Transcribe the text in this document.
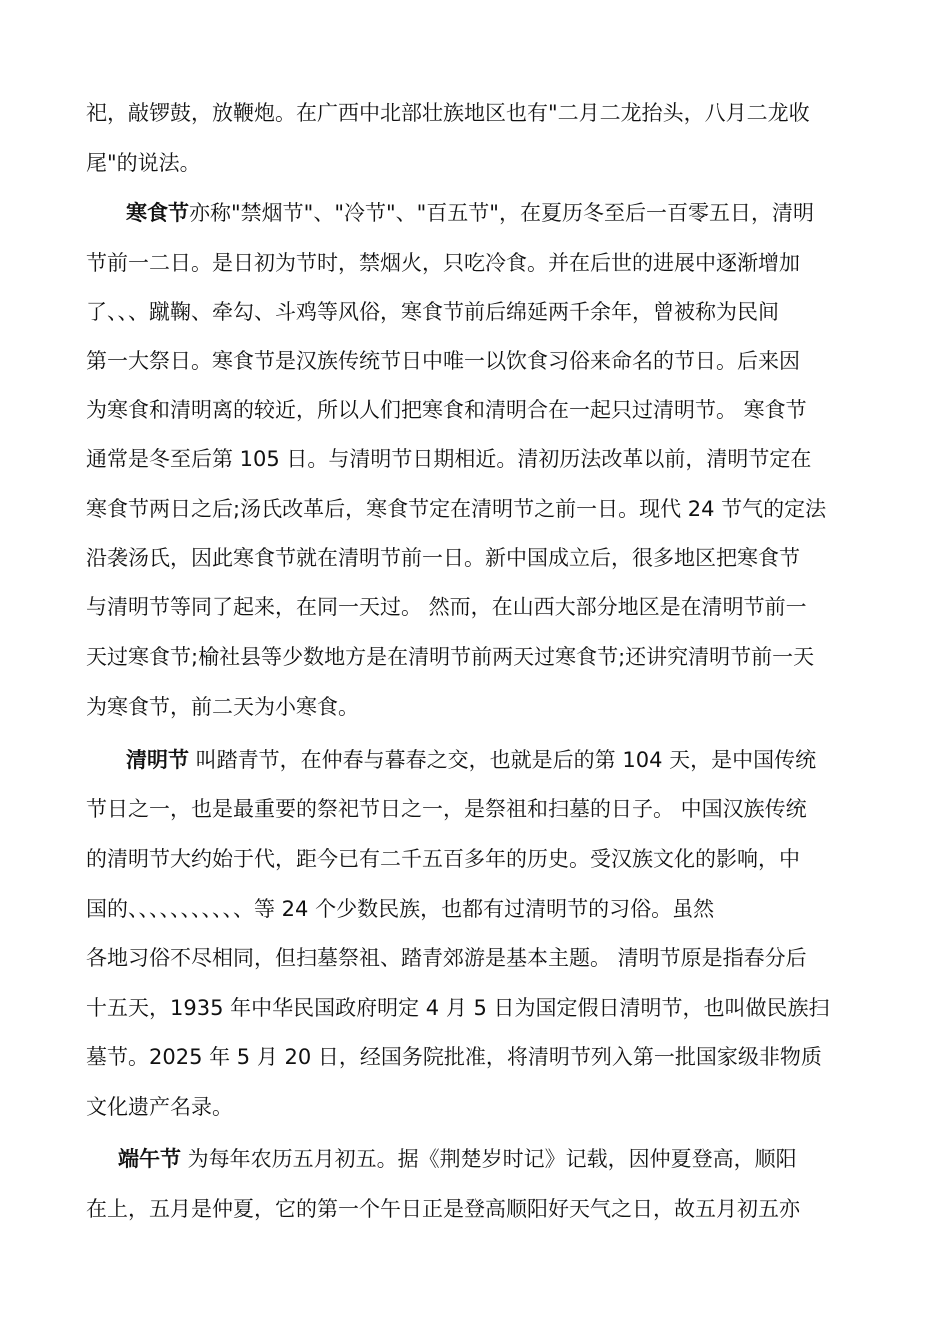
祀，敲锣鼓，放鞭炮。在广西中北部壮族地区也有"二月二龙抬头，八月二龙收
尾"的说法。
寒食节亦称"禁烟节"、"冷节"、"百五节"，在夏历冬至后一百零五日，清明
节前一二日。是日初为节时，禁烟火，只吃冷食。并在后世的进展中逐渐增加
了、、、蹴鞠、牵勾、斗鸡等风俗，寒食节前后绵延两千余年，曾被称为民间
第一大祭日。寒食节是汉族传统节日中唯一以饮食习俗来命名的节日。后来因
为寒食和清明离的较近，所以人们把寒食和清明合在一起只过清明节。 寒食节
通常是冬至后第 105 日。与清明节日期相近。清初历法改革以前，清明节定在
寒食节两日之后;汤氏改革后，寒食节定在清明节之前一日。现代 24 节气的定法
沿袭汤氏，因此寒食节就在清明节前一日。新中国成立后，很多地区把寒食节
与清明节等同了起来，在同一天过。 然而，在山西大部分地区是在清明节前一
天过寒食节;榆社县等少数地方是在清明节前两天过寒食节;还讲究清明节前一天
为寒食节，前二天为小寒食。
清明节 叫踏青节，在仲春与暮春之交，也就是后的第 104 天，是中国传统
节日之一，也是最重要的祭祀节日之一，是祭祖和扫墓的日子。 中国汉族传统
的清明节大约始于代，距今已有二千五百多年的历史。受汉族文化的影响，中
国的、、、、、、、、、、、等 24 个少数民族，也都有过清明节的习俗。虽然
各地习俗不尽相同，但扫墓祭祖、踏青郊游是基本主题。 清明节原是指春分后
十五天，1935 年中华民国政府明定 4 月 5 日为国定假日清明节，也叫做民族扫
墓节。2025 年 5 月 20 日，经国务院批准，将清明节列入第一批国家级非物质
文化遗产名录。
端午节 为每年农历五月初五。据《荆楚岁时记》记载，因仲夏登高，顺阳
在上，五月是仲夏，它的第一个午日正是登高顺阳好天气之日，故五月初五亦
